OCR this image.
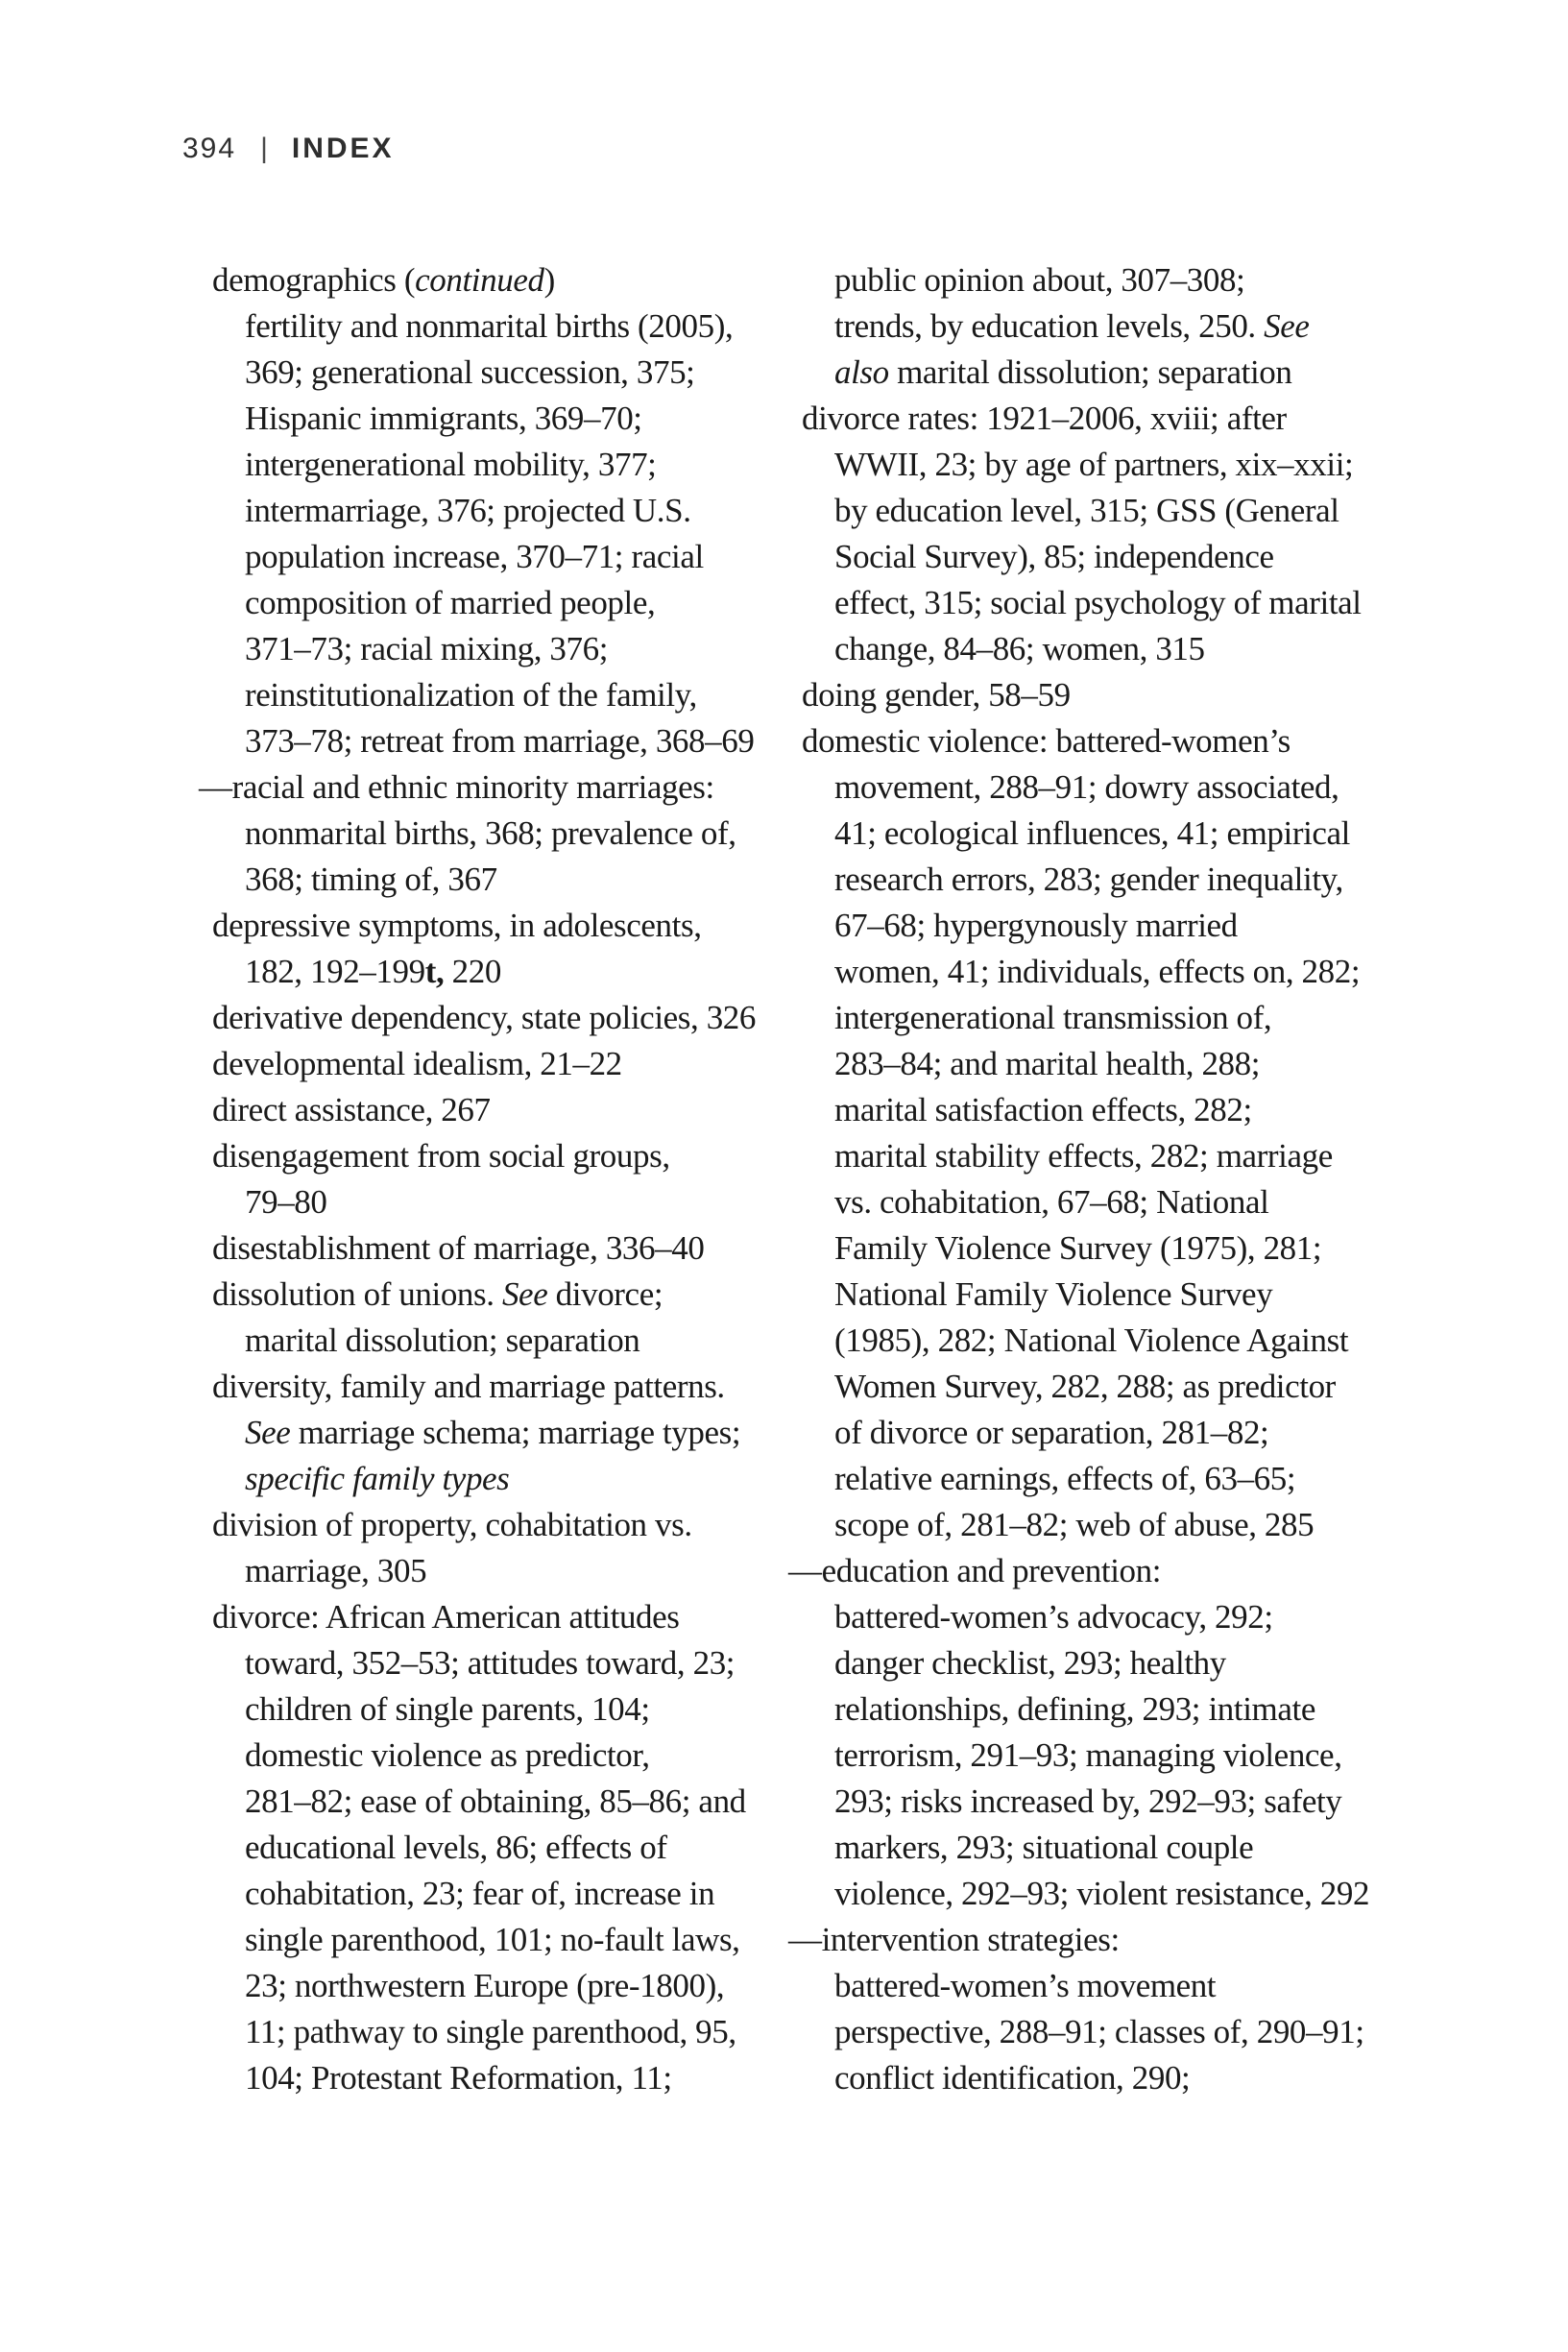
394 | INDEX
demographics (continued)
fertility and nonmarital births (2005),
369; generational succession, 375;
Hispanic immigrants, 369–70;
intergenerational mobility, 377;
intermarriage, 376; projected U.S.
population increase, 370–71; racial
composition of married people,
371–73; racial mixing, 376;
reinstitutionalization of the family,
373–78; retreat from marriage, 368–69
—racial and ethnic minority marriages:
nonmarital births, 368; prevalence of,
368; timing of, 367
depressive symptoms, in adolescents,
182, 192–199t, 220
derivative dependency, state policies, 326
developmental idealism, 21–22
direct assistance, 267
disengagement from social groups,
79–80
disestablishment of marriage, 336–40
dissolution of unions. See divorce;
marital dissolution; separation
diversity, family and marriage patterns.
See marriage schema; marriage types;
specific family types
division of property, cohabitation vs.
marriage, 305
divorce: African American attitudes
toward, 352–53; attitudes toward, 23;
children of single parents, 104;
domestic violence as predictor,
281–82; ease of obtaining, 85–86; and
educational levels, 86; effects of
cohabitation, 23; fear of, increase in
single parenthood, 101; no-fault laws,
23; northwestern Europe (pre-1800),
11; pathway to single parenthood, 95,
104; Protestant Reformation, 11;
public opinion about, 307–308;
trends, by education levels, 250. See
also marital dissolution; separation
divorce rates: 1921–2006, xviii; after
WWII, 23; by age of partners, xix–xxii;
by education level, 315; GSS (General
Social Survey), 85; independence
effect, 315; social psychology of marital
change, 84–86; women, 315
doing gender, 58–59
domestic violence: battered-women’s
movement, 288–91; dowry associated,
41; ecological influences, 41; empirical
research errors, 283; gender inequality,
67–68; hypergynously married
women, 41; individuals, effects on, 282;
intergenerational transmission of,
283–84; and marital health, 288;
marital satisfaction effects, 282;
marital stability effects, 282; marriage
vs. cohabitation, 67–68; National
Family Violence Survey (1975), 281;
National Family Violence Survey
(1985), 282; National Violence Against
Women Survey, 282, 288; as predictor
of divorce or separation, 281–82;
relative earnings, effects of, 63–65;
scope of, 281–82; web of abuse, 285
—education and prevention:
battered-women’s advocacy, 292;
danger checklist, 293; healthy
relationships, defining, 293; intimate
terrorism, 291–93; managing violence,
293; risks increased by, 292–93; safety
markers, 293; situational couple
violence, 292–93; violent resistance, 292
—intervention strategies:
battered-women’s movement
perspective, 288–91; classes of, 290–91;
conflict identification, 290;
